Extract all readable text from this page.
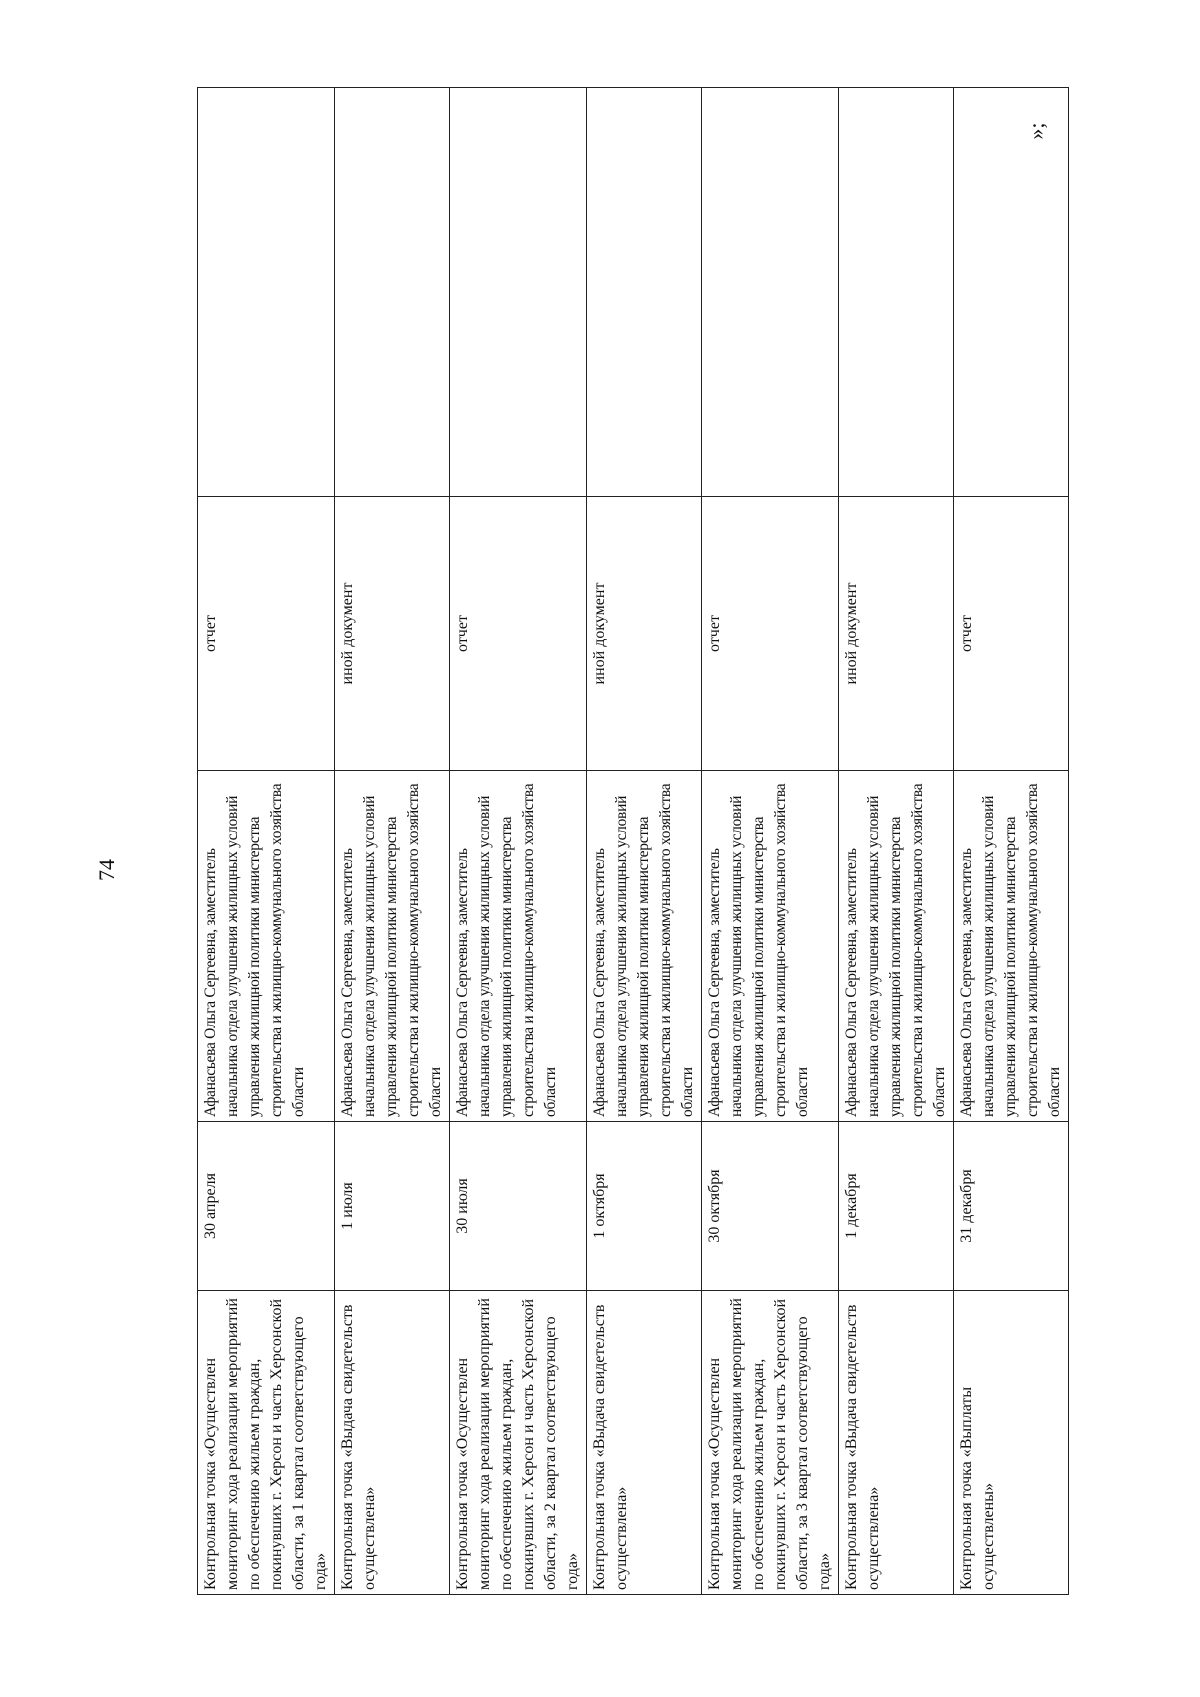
74
»;
Контрольная точка «Осуществлен мониторинг хода реализации мероприятий по обеспечению жильем граждан, покинувших г. Херсон и часть Херсонской области, за 1 квартал соответствующего года»	30 апреля	Афанасьева Ольга Сергеевна, заместитель начальника отдела улучшения жилищных условий управления жилищной политики министерства строительства и жилищно-коммунального хозяйства области	отчет	
Контрольная точка «Выдача свидетельств осуществлена»	1 июля	Афанасьева Ольга Сергеевна, заместитель начальника отдела улучшения жилищных условий управления жилищной политики министерства строительства и жилищно-коммунального хозяйства области	иной документ	
Контрольная точка «Осуществлен мониторинг хода реализации мероприятий по обеспечению жильем граждан, покинувших г. Херсон и часть Херсонской области, за 2 квартал соответствующего года»	30 июля	Афанасьева Ольга Сергеевна, заместитель начальника отдела улучшения жилищных условий управления жилищной политики министерства строительства и жилищно-коммунального хозяйства области	отчет	
Контрольная точка «Выдача свидетельств осуществлена»	1 октября	Афанасьева Ольга Сергеевна, заместитель начальника отдела улучшения жилищных условий управления жилищной политики министерства строительства и жилищно-коммунального хозяйства области	иной документ	
Контрольная точка «Осуществлен мониторинг хода реализации мероприятий по обеспечению жильем граждан, покинувших г. Херсон и часть Херсонской области, за 3 квартал соответствующего года»	30 октября	Афанасьева Ольга Сергеевна, заместитель начальника отдела улучшения жилищных условий управления жилищной политики министерства строительства и жилищно-коммунального хозяйства области	отчет	
Контрольная точка «Выдача свидетельств осуществлена»	1 декабря	Афанасьева Ольга Сергеевна, заместитель начальника отдела улучшения жилищных условий управления жилищной политики министерства строительства и жилищно-коммунального хозяйства области	иной документ	
Контрольная точка «Выплаты осуществлены»	31 декабря	Афанасьева Ольга Сергеевна, заместитель начальника отдела улучшения жилищных условий управления жилищной политики министерства строительства и жилищно-коммунального хозяйства области	отчет	
